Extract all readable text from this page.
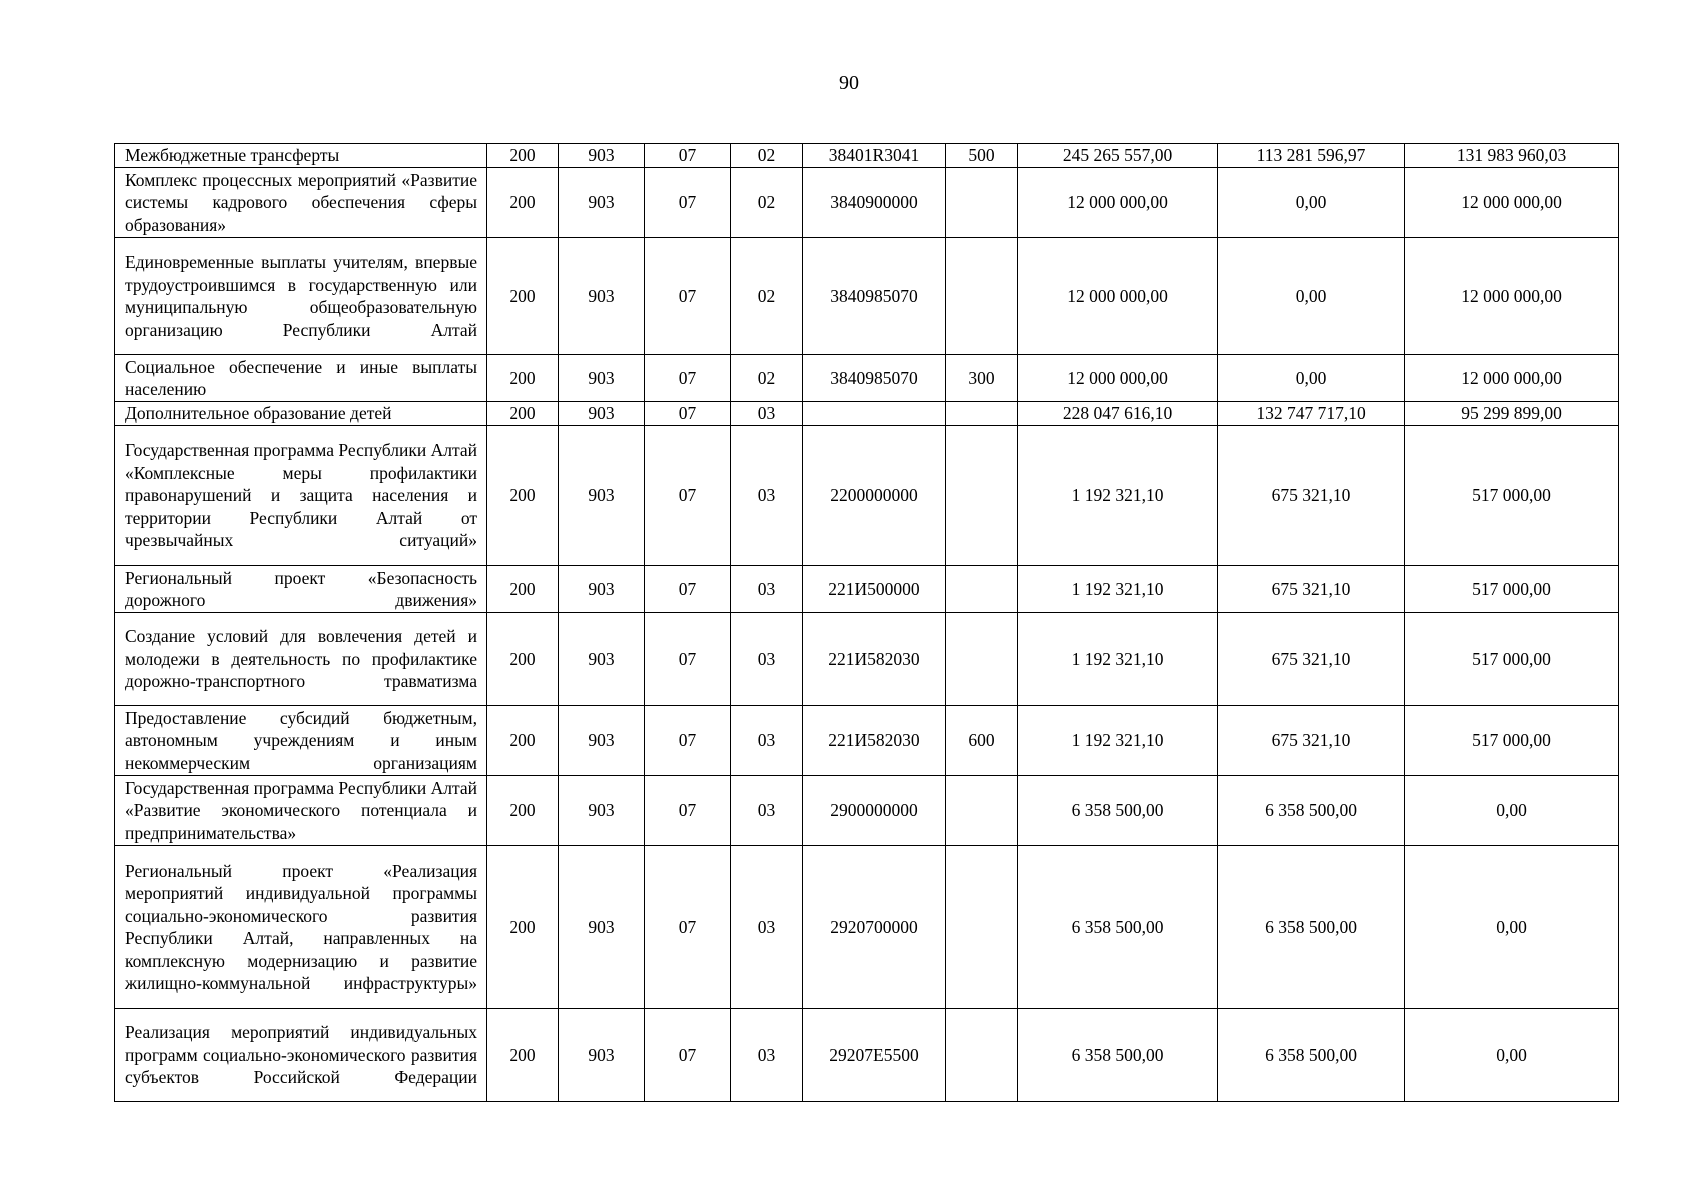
90
Межбюджетные трансферты	200	903	07	02	38401R3041	500	245 265 557,00	113 281 596,97	131 983 960,03
Комплекс процессных мероприятий «Развитие системы кадрового обеспечения сферы образования»	200	903	07	02	3840900000		12 000 000,00	0,00	12 000 000,00
Единовременные выплаты учителям, впервые трудоустроившимся в государственную или муниципальную общеобразовательную организацию Республики Алтай	200	903	07	02	3840985070		12 000 000,00	0,00	12 000 000,00
Социальное обеспечение и иные выплаты населению	200	903	07	02	3840985070	300	12 000 000,00	0,00	12 000 000,00
Дополнительное образование детей	200	903	07	03			228 047 616,10	132 747 717,10	95 299 899,00
Государственная программа Республики Алтай «Комплексные меры профилактики правонарушений и защита населения и территории Республики Алтай от чрезвычайных ситуаций»	200	903	07	03	2200000000		1 192 321,10	675 321,10	517 000,00
Региональный проект «Безопасность дорожного движения»	200	903	07	03	221И500000		1 192 321,10	675 321,10	517 000,00
Создание условий для вовлечения детей и молодежи в деятельность по профилактике дорожно-транспортного травматизма	200	903	07	03	221И582030		1 192 321,10	675 321,10	517 000,00
Предоставление субсидий бюджетным, автономным учреждениям и иным некоммерческим организациям	200	903	07	03	221И582030	600	1 192 321,10	675 321,10	517 000,00
Государственная программа Республики Алтай «Развитие экономического потенциала и предпринимательства»	200	903	07	03	2900000000		6 358 500,00	6 358 500,00	0,00
Региональный проект «Реализация мероприятий индивидуальной программы социально-экономического развития Республики Алтай, направленных на комплексную модернизацию и развитие жилищно-коммунальной инфраструктуры»	200	903	07	03	2920700000		6 358 500,00	6 358 500,00	0,00
Реализация мероприятий индивидуальных программ социально-экономического развития субъектов Российской Федерации	200	903	07	03	29207Е5500		6 358 500,00	6 358 500,00	0,00
